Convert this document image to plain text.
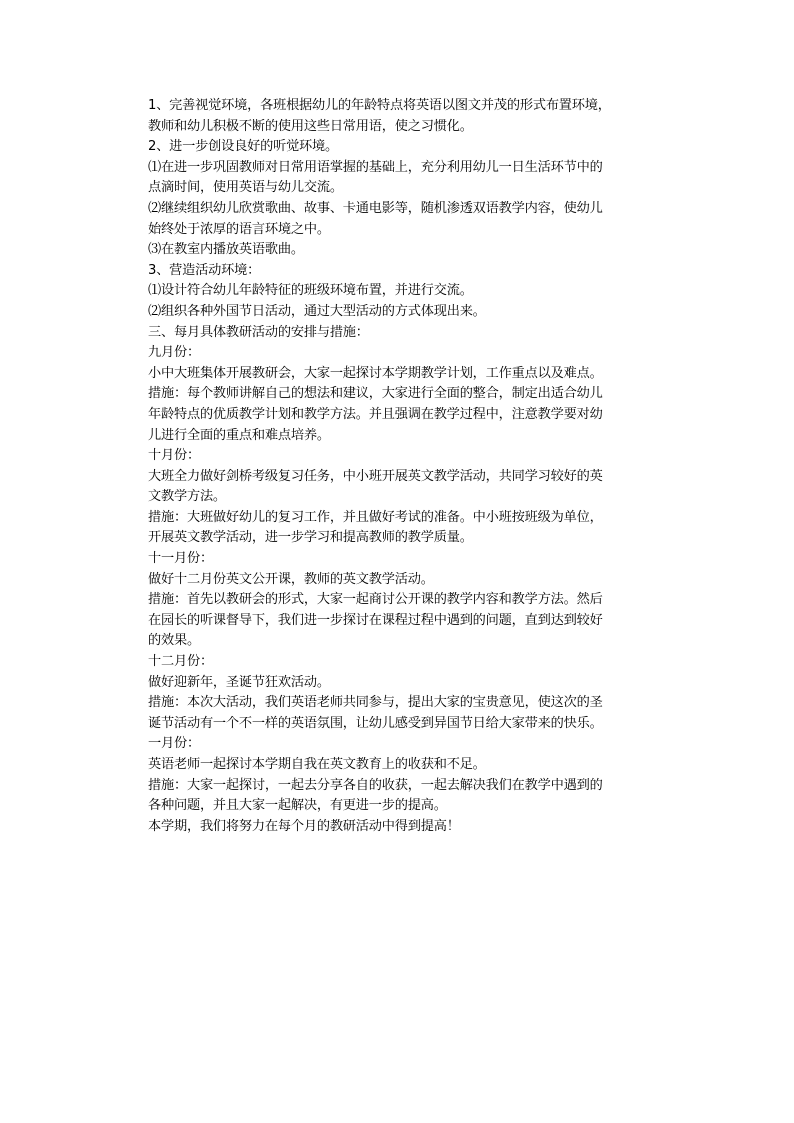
1、完善视觉环境，各班根据幼儿的年龄特点将英语以图文并茂的形式布置环境，
教师和幼儿积极不断的使用这些日常用语，使之习惯化。
2、进一步创设良好的听觉环境。
⑴在进一步巩固教师对日常用语掌握的基础上，充分利用幼儿一日生活环节中的
点滴时间，使用英语与幼儿交流。
⑵继续组织幼儿欣赏歌曲、故事、卡通电影等，随机渗透双语教学内容，使幼儿
始终处于浓厚的语言环境之中。
⑶在教室内播放英语歌曲。
3、营造活动环境：
⑴设计符合幼儿年龄特征的班级环境布置，并进行交流。
⑵组织各种外国节日活动，通过大型活动的方式体现出来。
三、每月具体教研活动的安排与措施：
九月份：
小中大班集体开展教研会，大家一起探讨本学期教学计划，工作重点以及难点。
措施：每个教师讲解自己的想法和建议，大家进行全面的整合，制定出适合幼儿
年龄特点的优质教学计划和教学方法。并且强调在教学过程中，注意教学要对幼
儿进行全面的重点和难点培养。
十月份：
大班全力做好剑桥考级复习任务，中小班开展英文教学活动，共同学习较好的英
文教学方法。
措施：大班做好幼儿的复习工作，并且做好考试的准备。中小班按班级为单位，
开展英文教学活动，进一步学习和提高教师的教学质量。
十一月份：
做好十二月份英文公开课，教师的英文教学活动。
措施：首先以教研会的形式，大家一起商讨公开课的教学内容和教学方法。然后
在园长的听课督导下，我们进一步探讨在课程过程中遇到的问题，直到达到较好
的效果。
十二月份：
做好迎新年，圣诞节狂欢活动。
措施：本次大活动，我们英语老师共同参与，提出大家的宝贵意见，使这次的圣
诞节活动有一个不一样的英语氛围，让幼儿感受到异国节日给大家带来的快乐。
一月份：
英语老师一起探讨本学期自我在英文教育上的收获和不足。
措施：大家一起探讨，一起去分享各自的收获，一起去解决我们在教学中遇到的
各种问题，并且大家一起解决，有更进一步的提高。
本学期，我们将努力在每个月的教研活动中得到提高！
